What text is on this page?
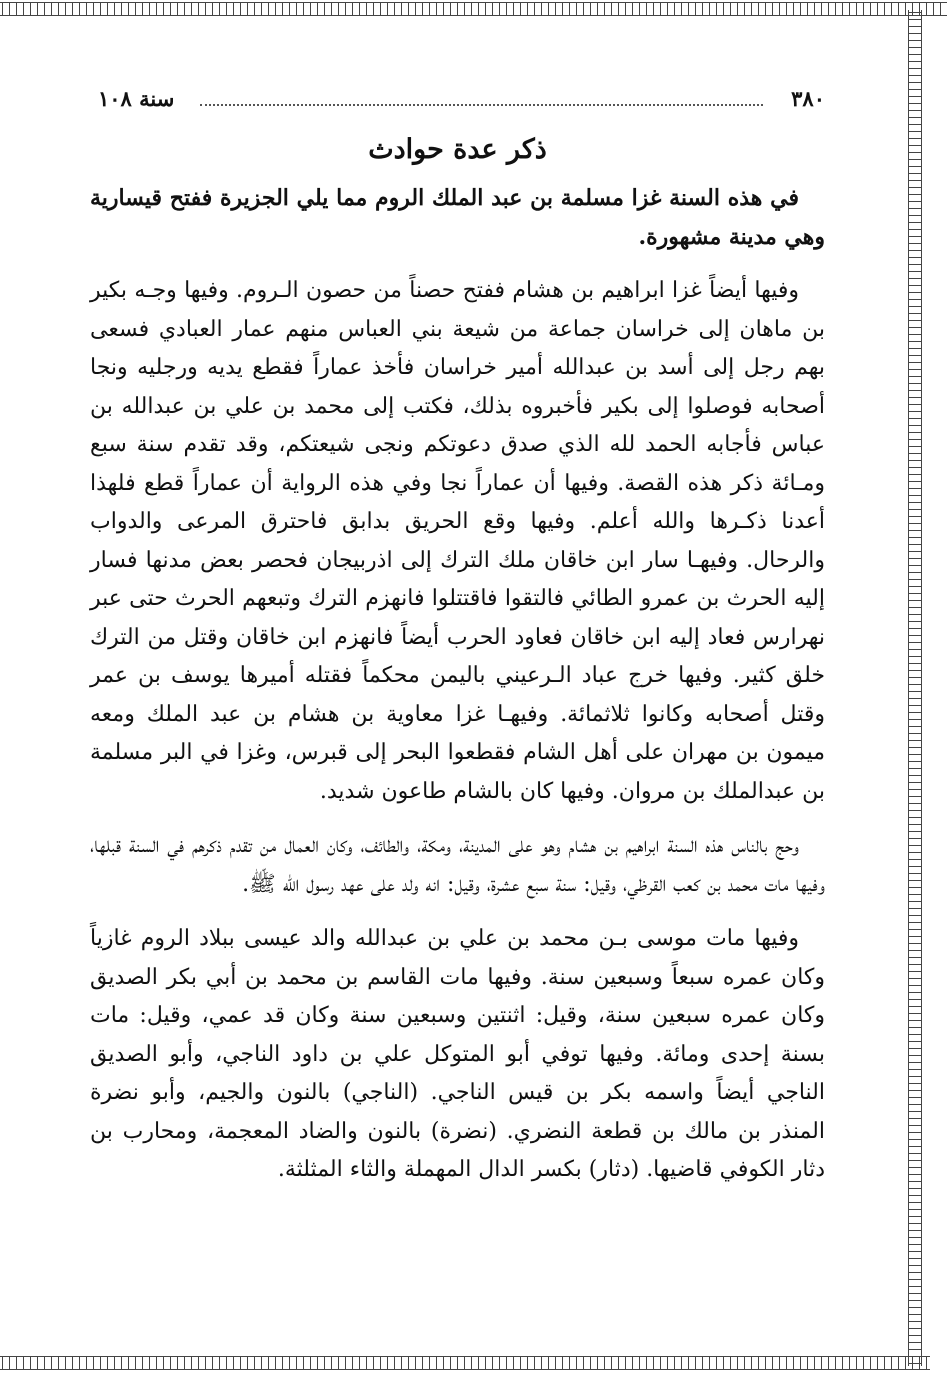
٣٨٠
سنة ١٠٨
ذكر عدة حوادث

في هذه السنة غزا مسلمة بن عبد الملك الروم مما يلي الجزيرة ففتح قيسارية وهي مدينة مشهورة.

وفيها أيضاً غزا ابراهيم بن هشام ففتح حصناً من حصون الـروم. وفيها وجـه بكير بن ماهان إلى خراسان جماعة من شيعة بني العباس منهم عمار العبادي فسعى بهم رجل إلى أسد بن عبدالله أمير خراسان فأخذ عماراً فقطع يديه ورجليه ونجا أصحابه فوصلوا إلى بكير فأخبروه بذلك، فكتب إلى محمد بن علي بن عبدالله بن عباس فأجابه الحمد لله الذي صدق دعوتكم ونجى شيعتكم، وقد تقدم سنة سبع ومـائة ذكر هذه القصة. وفيها أن عماراً نجا وفي هذه الرواية أن عماراً قطع فلهذا أعدنا ذكـرها والله أعلم. وفيها وقع الحريق بدابق فاحترق المرعى والدواب والرحال. وفيهـا سار ابن خاقان ملك الترك إلى اذربيجان فحصر بعض مدنها فسار إليه الحرث بن عمرو الطائي فالتقوا فاقتتلوا فانهزم الترك وتبعهم الحرث حتى عبر نهرارس فعاد إليه ابن خاقان فعاود الحرب أيضاً فانهزم ابن خاقان وقتل من الترك خلق كثير. وفيها خرج عباد الـرعيني باليمن محكماً فقتله أميرها يوسف بن عمر وقتل أصحابه وكانوا ثلاثمائة. وفيهـا غزا معاوية بن هشام بن عبد الملك ومعه ميمون بن مهران على أهل الشام فقطعوا البحر إلى قبرس، وغزا في البر مسلمة بن عبدالملك بن مروان. وفيها كان بالشام طاعون شديد.

وحج بالناس هذه السنة ابراهيم بن هشام وهو على المدينة، ومكة، والطائف، وكان العمال من تقدم ذكرهم في السنة قبلها، وفيها مات محمد بن كعب القرظي، وقيل: سنة سبع عشرة، وقيل: انه ولد على عهد رسول الله ﷺ.

وفيها مات موسى بـن محمد بن علي بن عبدالله والد عيسى ببلاد الروم غازياً وكان عمره سبعاً وسبعين سنة. وفيها مات القاسم بن محمد بن أبي بكر الصديق وكان عمره سبعين سنة، وقيل: اثنتين وسبعين سنة وكان قد عمي، وقيل: مات بسنة إحدى ومائة. وفيها توفي أبو المتوكل علي بن داود الناجي، وأبو الصديق الناجي أيضاً واسمه بكر بن قيس الناجي. (الناجي) بالنون والجيم، وأبو نضرة المنذر بن مالك بن قطعة النضري. (نضرة) بالنون والضاد المعجمة، ومحارب بن دثار الكوفي قاضيها. (دثار) بكسر الدال المهملة والثاء المثلثة.
